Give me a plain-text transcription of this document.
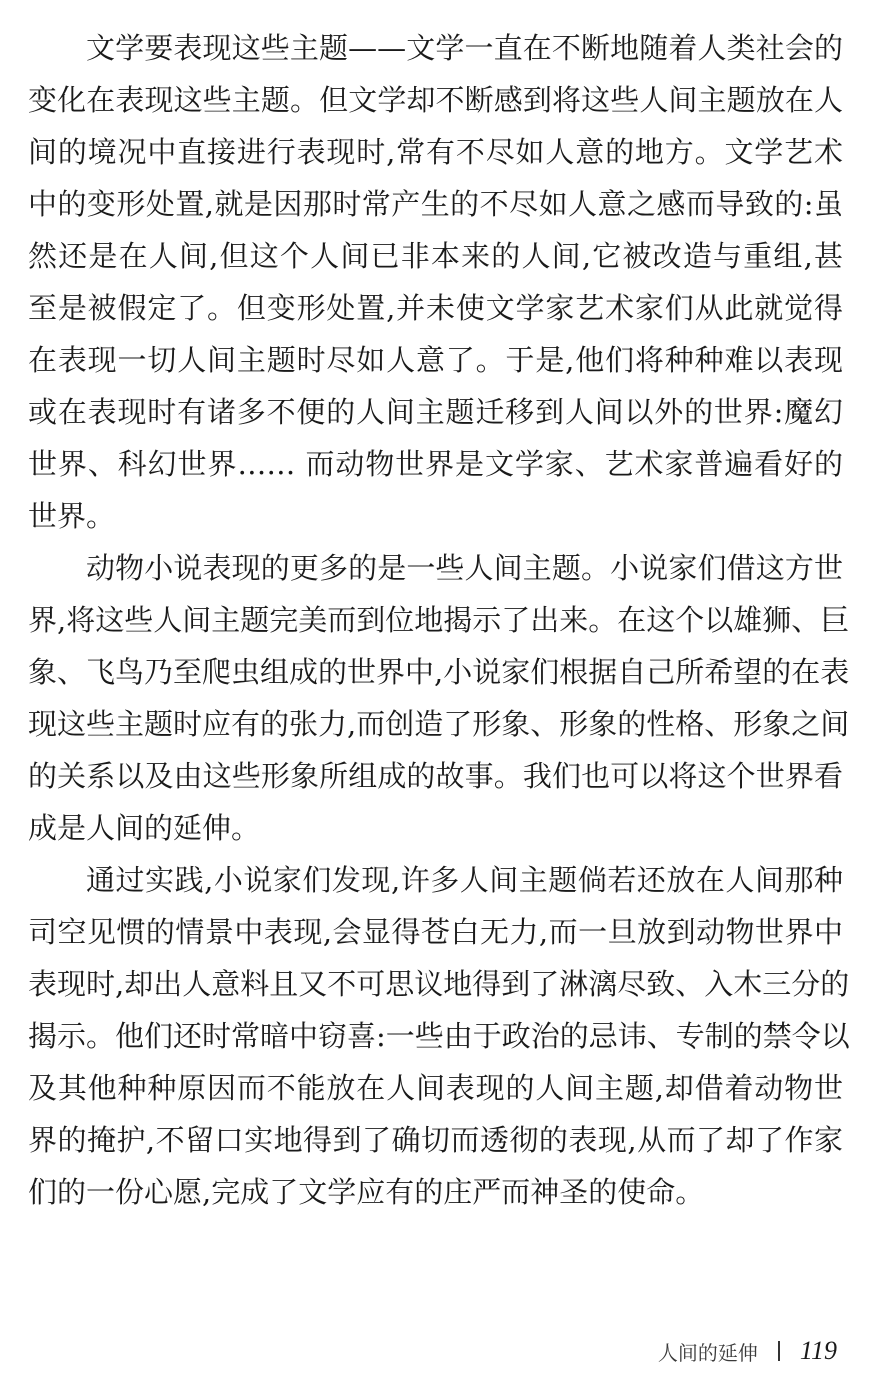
文学要表现这些主题——文学一直在不断地随着人类社会的
变化在表现这些主题。但文学却不断感到将这些人间主题放在人
间的境况中直接进行表现时,常有不尽如人意的地方。文学艺术
中的变形处置,就是因那时常产生的不尽如人意之感而导致的:虽
然还是在人间,但这个人间已非本来的人间,它被改造与重组,甚
至是被假定了。但变形处置,并未使文学家艺术家们从此就觉得
在表现一切人间主题时尽如人意了。于是,他们将种种难以表现
或在表现时有诸多不便的人间主题迁移到人间以外的世界:魔幻
世界、科幻世界…… 而动物世界是文学家、艺术家普遍看好的
世界。
动物小说表现的更多的是一些人间主题。小说家们借这方世
界,将这些人间主题完美而到位地揭示了出来。在这个以雄狮、巨
象、飞鸟乃至爬虫组成的世界中,小说家们根据自己所希望的在表
现这些主题时应有的张力,而创造了形象、形象的性格、形象之间
的关系以及由这些形象所组成的故事。我们也可以将这个世界看
成是人间的延伸。
通过实践,小说家们发现,许多人间主题倘若还放在人间那种
司空见惯的情景中表现,会显得苍白无力,而一旦放到动物世界中
表现时,却出人意料且又不可思议地得到了淋漓尽致、入木三分的
揭示。他们还时常暗中窃喜:一些由于政治的忌讳、专制的禁令以
及其他种种原因而不能放在人间表现的人间主题,却借着动物世
界的掩护,不留口实地得到了确切而透彻的表现,从而了却了作家
们的一份心愿,完成了文学应有的庄严而神圣的使命。
人间的延伸 119
